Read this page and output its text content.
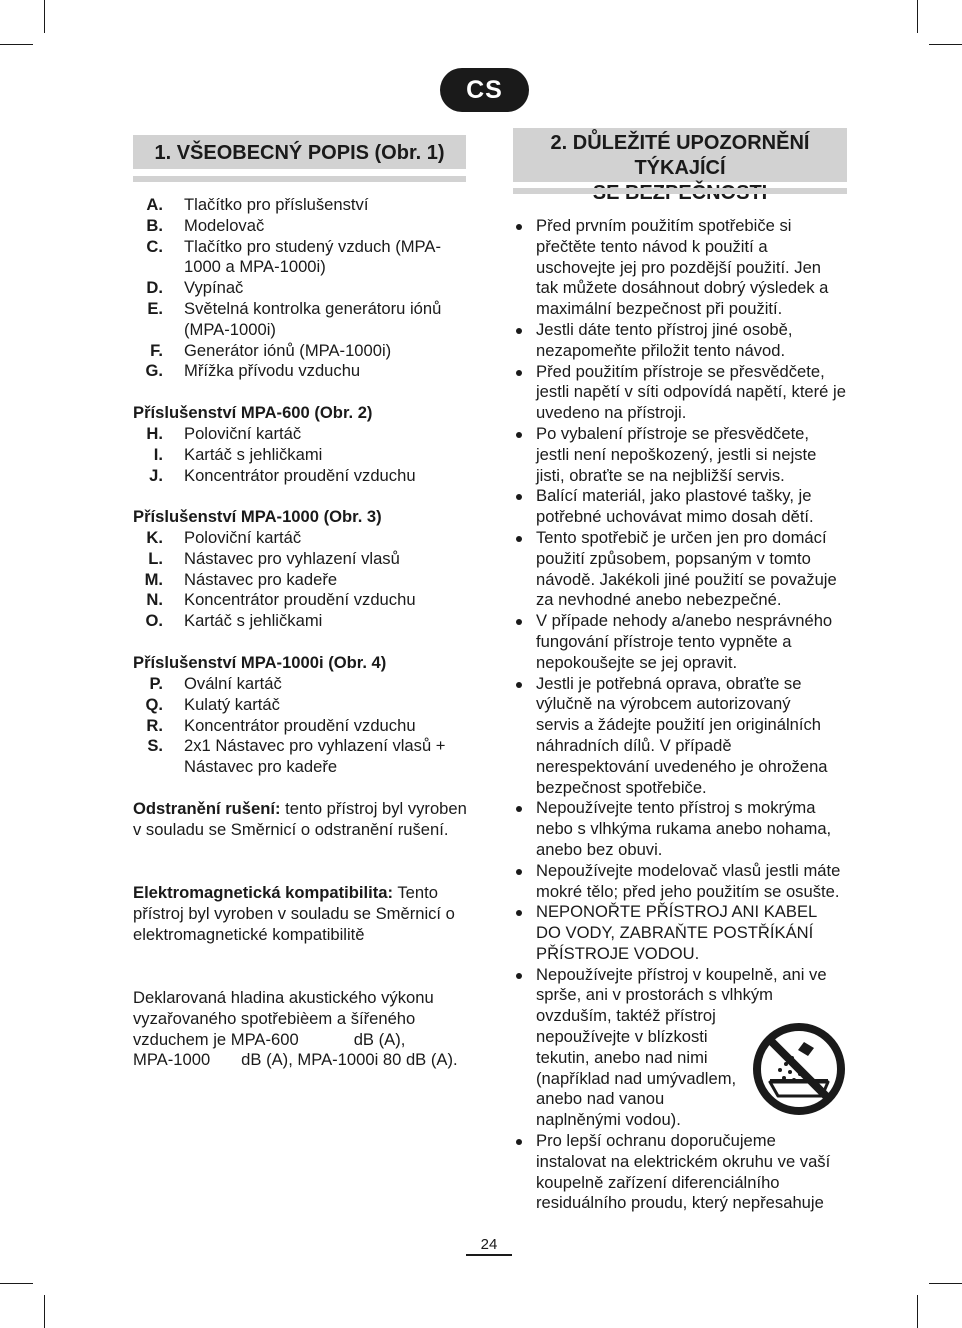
CS
1. VŠEOBECNÝ POPIS (Obr. 1)
A. Tlačítko pro příslušenství
B. Modelovač
C. Tlačítko pro studený vzduch (MPA-1000 a MPA-1000i)
D. Vypínač
E. Světelná kontrolka generátoru iónů (MPA-1000i)
F. Generátor iónů (MPA-1000i)
G. Mřížka přívodu vzduchu
Příslušenství MPA-600 (Obr. 2)
H. Poloviční kartáč
I. Kartáč s jehličkami
J. Koncentrátor proudění vzduchu
Příslušenství MPA-1000 (Obr. 3)
K. Poloviční kartáč
L. Nástavec pro vyhlazení vlasů
M. Nástavec pro kadeře
N. Koncentrátor proudění vzduchu
O. Kartáč s jehličkami
Příslušenství MPA-1000i (Obr. 4)
P. Ovální kartáč
Q. Kulatý kartáč
R. Koncentrátor proudění vzduchu
S. 2x1 Nástavec pro vyhlazení vlasů + Nástavec pro kadeře
Odstranění rušení: tento přístroj byl vyroben v souladu se Směrnicí o odstranění rušení.
Elektromagnetická kompatibilita: Tento přístroj byl vyroben v souladu se Směrnicí o elektromagnetické kompatibilitě
Deklarovaná hladina akustického výkonu vyzařovaného spotřebièem a šířeného
vzduchem je MPA-600	dB (A),
MPA-1000 dB (A), MPA-1000i 80 dB (A).
2. DŮLEŽITÉ UPOZORNĚNÍ TÝKAJÍCÍ
Před prvním použitím spotřebiče si přečtěte tento návod k použití a uschovejte jej pro pozdější použití. Jen tak můžete dosáhnout dobrý výsledek a maximální bezpečnost při použití.
Jestli dáte tento přístroj jiné osobě, nezapomeňte přiložit tento návod.
Před použitím přístroje se přesvědčete, jestli napětí v síti odpovídá napětí, které je uvedeno na přístroji.
Po vybalení přístroje se přesvědčete, jestli není nepoškozený, jestli si nejste jisti, obraťte se na nejbližší servis.
Balící materiál, jako plastové tašky, je potřebné uchovávat mimo dosah dětí.
Tento spotřebič je určen jen pro domácí použití způsobem, popsaným v tomto návodě. Jakékoli jiné použití se považuje za nevhodné anebo nebezpečné.
V případe nehody a/anebo nesprávného fungování přístroje tento vypněte a nepokoušejte se jej opravit.
Jestli je potřebná oprava, obraťte se výlučně na výrobcem autorizovaný servis a žádejte použití jen originálních náhradních dílů. V případě nerespektování uvedeného je ohrožena bezpečnost spotřebiče.
Nepoužívejte tento přístroj s mokrýma nebo s vlhkýma rukama anebo nohama, anebo bez obuvi.
Nepoužívejte modelovač vlasů jestli máte mokré tělo; před jeho použitím se osušte.
NEPONOŘTE PŘÍSTROJ ANI KABEL DO VODY, ZABRAŇTE POSTŘÍKÁNÍ PŘÍSTROJE VODOU.
Nepoužívejte přístroj v koupelně, ani ve sprše, ani v prostorách s vlhkým
ovzduším, taktéž přístroj nepoužívejte v blízkosti tekutin, anebo nad nimi (například nad umývadlem, anebo nad vanou naplněnými vodou).
Pro lepší ochranu doporučujeme instalovat na elektrickém okruhu ve vaší koupelně zařízení diferenciálního residuálního proudu, který nepřesahuje
24
